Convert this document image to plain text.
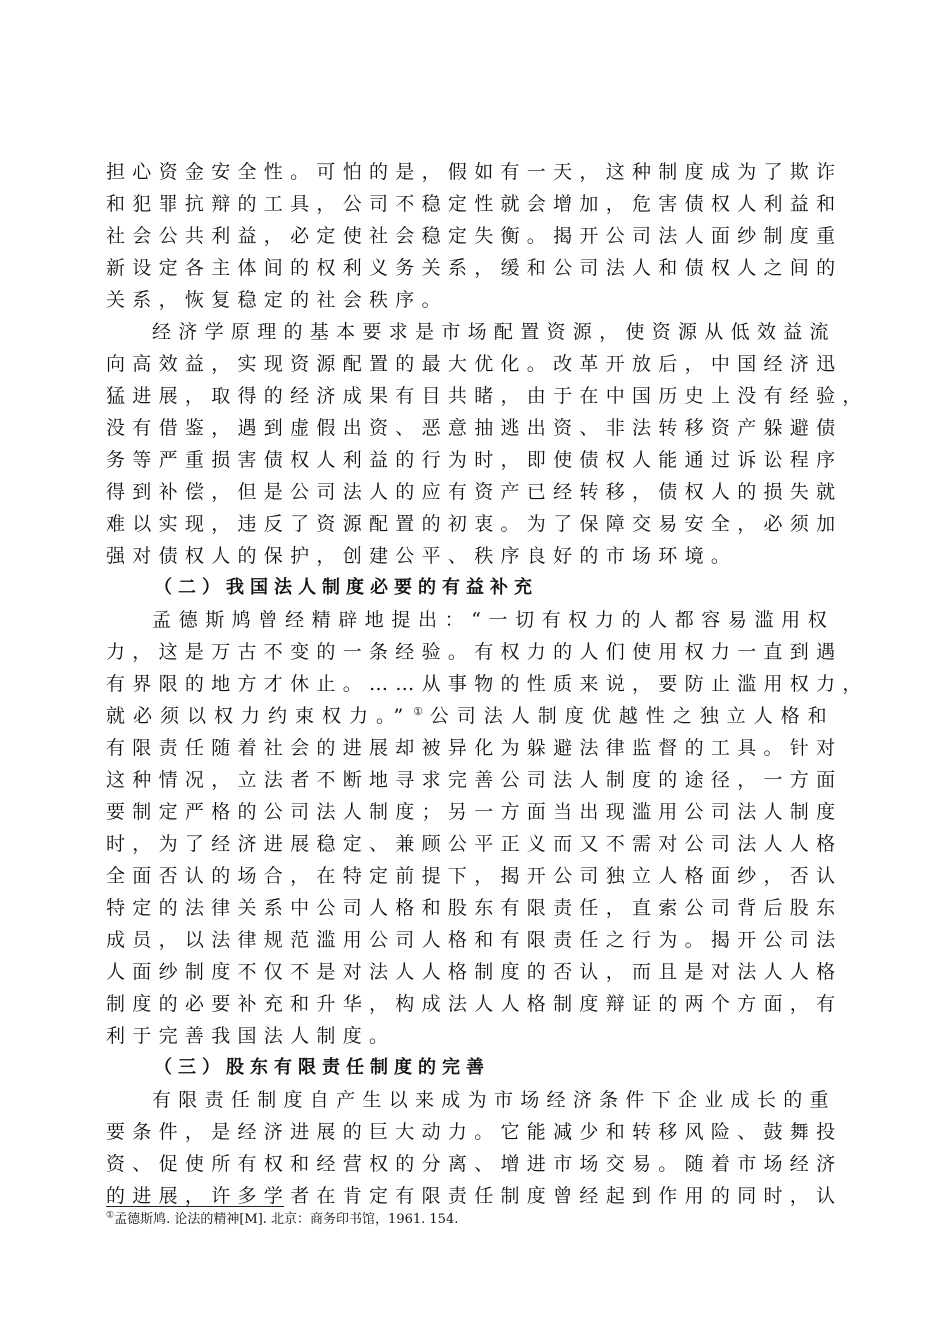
担心资金安全性。可怕的是，假如有一天，这种制度成为了欺诈
和犯罪抗辩的工具，公司不稳定性就会增加，危害债权人利益和
社会公共利益，必定使社会稳定失衡。揭开公司法人面纱制度重
新设定各主体间的权利义务关系，缓和公司法人和债权人之间的
关系，恢复稳定的社会秩序。
经济学原理的基本要求是市场配置资源，使资源从低效益流
向高效益，实现资源配置的最大优化。改革开放后，中国经济迅
猛进展，取得的经济成果有目共睹，由于在中国历史上没有经验，
没有借鉴，遇到虚假出资、恶意抽逃出资、非法转移资产躲避债
务等严重损害债权人利益的行为时，即使债权人能通过诉讼程序
得到补偿，但是公司法人的应有资产已经转移，债权人的损失就
难以实现，违反了资源配置的初衷。为了保障交易安全，必须加
强对债权人的保护，创建公平、秩序良好的市场环境。
（二）我国法人制度必要的有益补充
孟德斯鸠曾经精辟地提出：“一切有权力的人都容易滥用权
力，这是万古不变的一条经验。有权力的人们使用权力一直到遇
有界限的地方才休止。……从事物的性质来说，要防止滥用权力，
就必须以权力约束权力。” ① 公司法人制度优越性之独立人格和
有限责任随着社会的进展却被异化为躲避法律监督的工具。针对
这种情况，立法者不断地寻求完善公司法人制度的途径，一方面
要制定严格的公司法人制度；另一方面当出现滥用公司法人制度
时，为了经济进展稳定、兼顾公平正义而又不需对公司法人人格
全面否认的场合，在特定前提下，揭开公司独立人格面纱，否认
特定的法律关系中公司人格和股东有限责任，直索公司背后股东
成员，以法律规范滥用公司人格和有限责任之行为。揭开公司法
人面纱制度不仅不是对法人人格制度的否认，而且是对法人人格
制度的必要补充和升华，构成法人人格制度辩证的两个方面，有
利于完善我国法人制度。
（三）股东有限责任制度的完善
有限责任制度自产生以来成为市场经济条件下企业成长的重
要条件，是经济进展的巨大动力。它能减少和转移风险、鼓舞投
资、促使所有权和经营权的分离、增进市场交易。随着市场经济
的进展，许多学者在肯定有限责任制度曾经起到作用的同时，认
①孟德斯鸠. 论法的精神[M]. 北京：商务印书馆，1961. 154.
